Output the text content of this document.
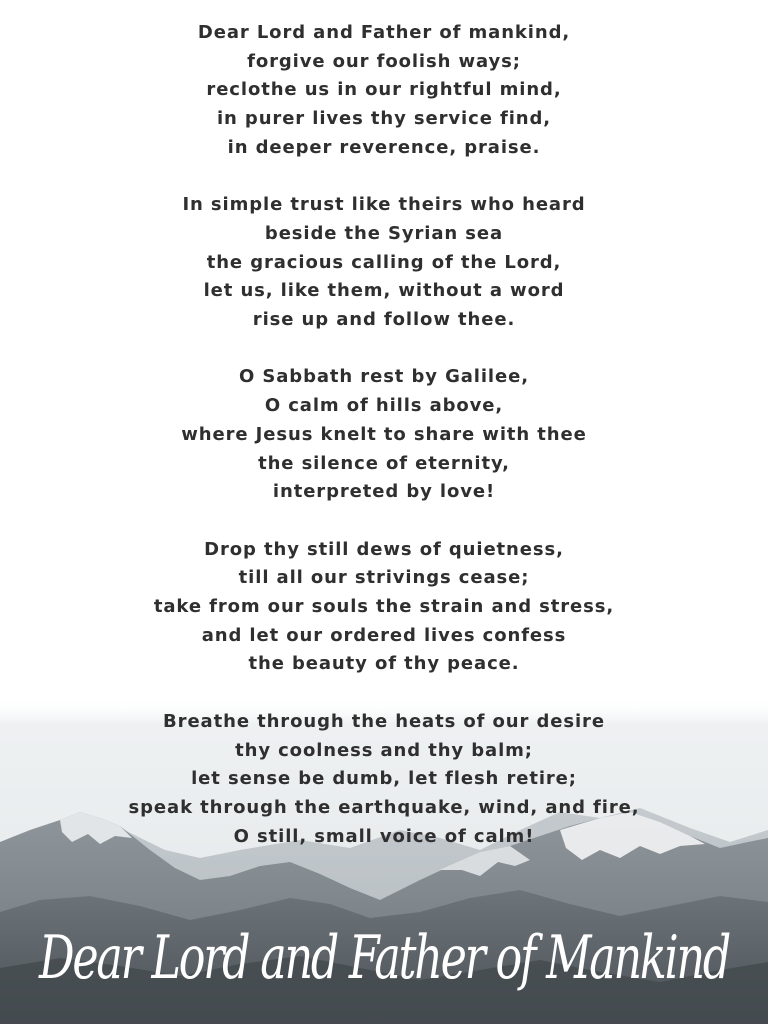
Dear Lord and Father of mankind,
forgive our foolish ways;
reclothe us in our rightful mind,
in purer lives thy service find,
in deeper reverence, praise.
In simple trust like theirs who heard
beside the Syrian sea
the gracious calling of the Lord,
let us, like them, without a word
rise up and follow thee.
O Sabbath rest by Galilee,
O calm of hills above,
where Jesus knelt to share with thee
the silence of eternity,
interpreted by love!
Drop thy still dews of quietness,
till all our strivings cease;
take from our souls the strain and stress,
and let our ordered lives confess
the beauty of thy peace.
Breathe through the heats of our desire
thy coolness and thy balm;
let sense be dumb, let flesh retire;
speak through the earthquake, wind, and fire,
O still, small voice of calm!
Dear Lord and Father of Mankind
